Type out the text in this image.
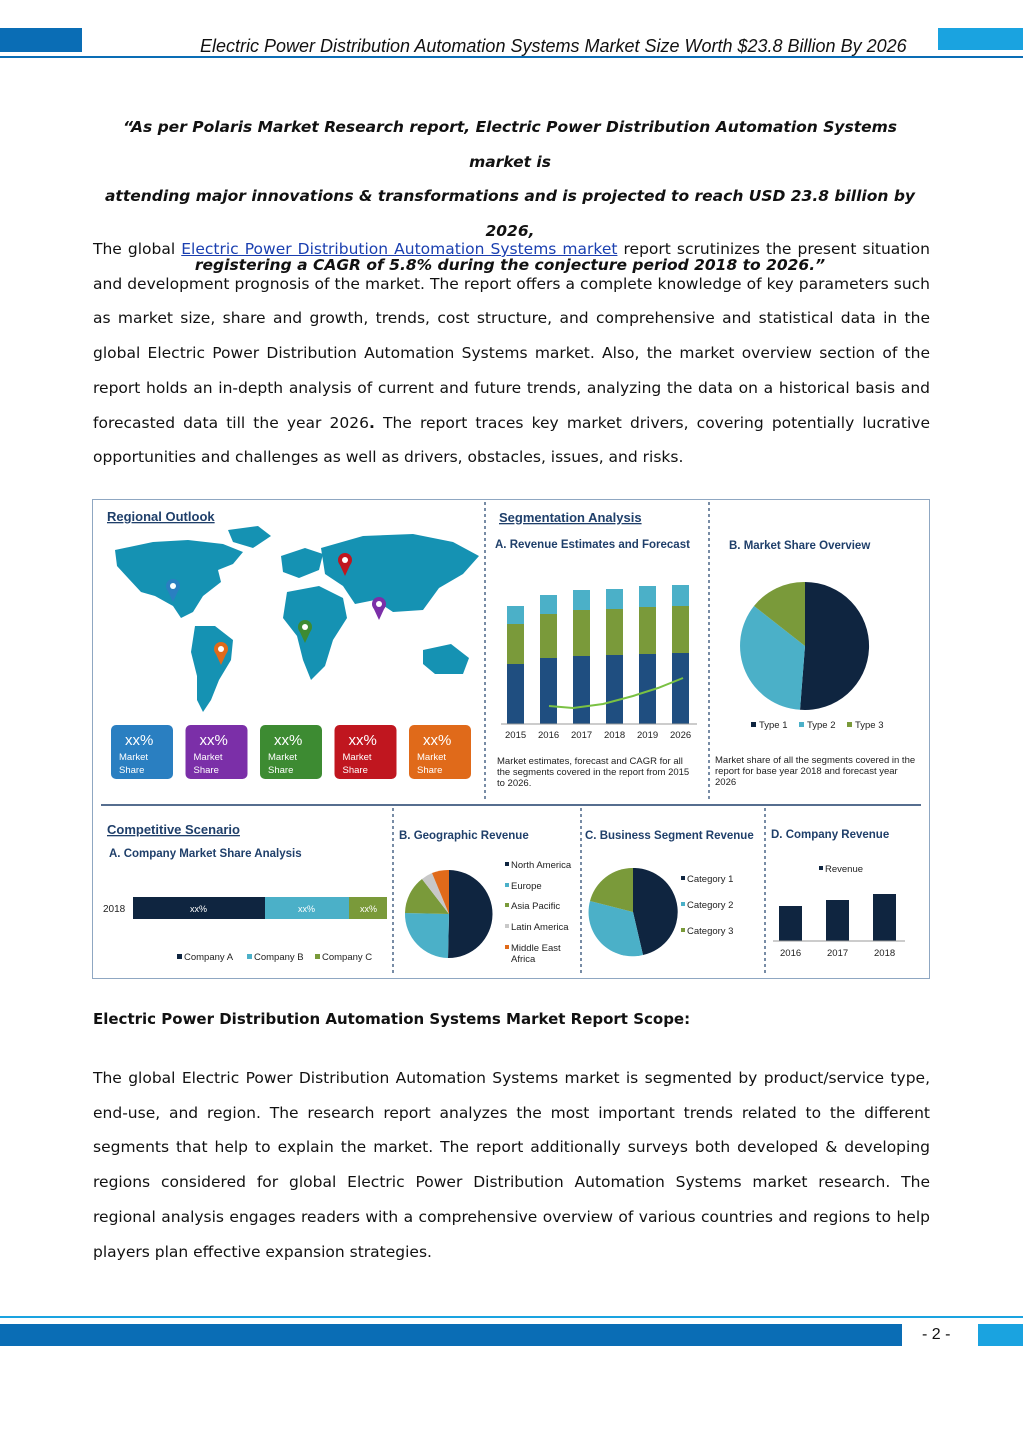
Electric Power Distribution Automation Systems Market Size Worth $23.8 Billion By 2026
“As per Polaris Market Research report, Electric Power Distribution Automation Systems market is
attending major innovations & transformations and is projected to reach USD 23.8 billion by 2026,
registering a CAGR of 5.8% during the conjecture period 2018 to 2026.”
The global Electric Power Distribution Automation Systems market report scrutinizes the present situation and development prognosis of the market. The report offers a complete knowledge of key parameters such as market size, share and growth, trends, cost structure, and comprehensive and statistical data in the global Electric Power Distribution Automation Systems market. Also, the market overview section of the report holds an in-depth analysis of current and future trends, analyzing the data on a historical basis and forecasted data till the year 2026. The report traces key market drivers, covering potentially lucrative opportunities and challenges as well as drivers, obstacles, issues, and risks.
Regional Outlook
xx%
Market
Share
xx%
Market
Share
xx%
Market
Share
xx%
Market
Share
xx%
Market
Share
Segmentation Analysis
A. Revenue Estimates and Forecast
2015 2016 2017 2018 2019 2026
Market estimates, forecast and CAGR for all
the segments covered in the report from 2015
to 2026.
B. Market Share Overview
Type 1 Type 2 Type 3
Market share of all the segments covered in the
report for base year 2018 and forecast year
2026
Competitive Scenario
A. Company Market Share Analysis
2018	xx%	xx%	xx%
Company A Company B Company C
B. Geographic Revenue
North America
Europe
Asia Pacific
Latin America
Middle East
Africa
C. Business Segment Revenue
Category 1
Category 2
Category 3
D. Company Revenue
Revenue
2016	2017	2018
Electric Power Distribution Automation Systems Market Report Scope:
The global Electric Power Distribution Automation Systems market is segmented by product/service type, end-use, and region. The research report analyzes the most important trends related to the different segments that help to explain the market. The report additionally surveys both developed & developing regions considered for global Electric Power Distribution Automation Systems market research. The regional analysis engages readers with a comprehensive overview of various countries and regions to help players plan effective expansion strategies.
- 2 -
